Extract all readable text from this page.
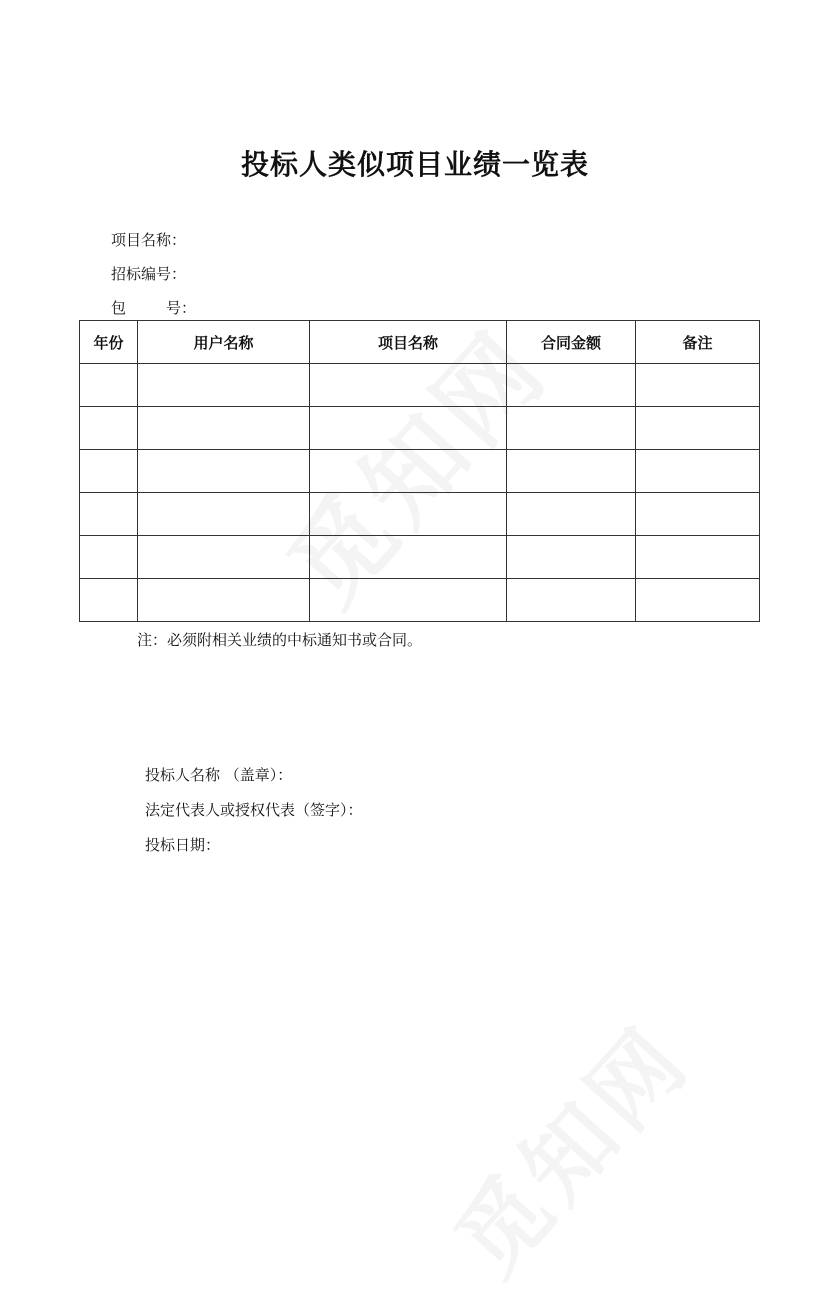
投标人类似项目业绩一览表
项目名称：
招标编号：
包	号：
年份	用户名称	项目名称	合同金额	备注

注：必须附相关业绩的中标通知书或合同。
投标人名称 （盖章）：
法定代表人或授权代表（签字）：
投标日期：
